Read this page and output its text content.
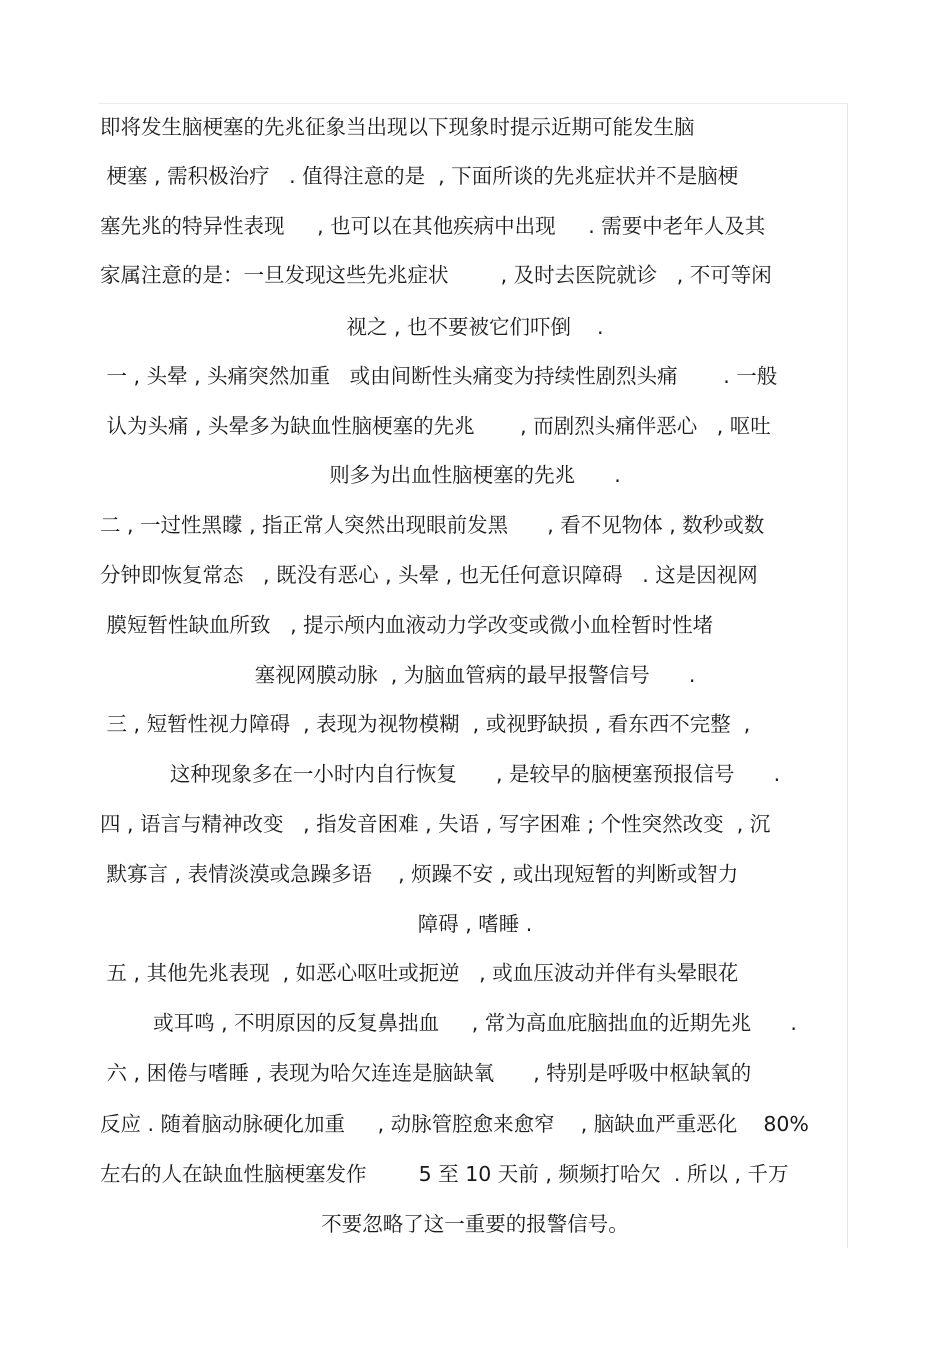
即将发生脑梗塞的先兆征象当出现以下现象时提示近期可能发生脑
梗塞 , 需积极治疗   . 值得注意的是  , 下面所谈的先兆症状并不是脑梗
塞先兆的特异性表现     , 也可以在其他疾病中出现     . 需要中老年人及其
家属注意的是：一旦发现这些先兆症状        , 及时去医院就诊   , 不可等闲
视之 , 也不要被它们吓倒    .
一 , 头晕 , 头痛突然加重   或由间断性头痛变为持续性剧烈头痛       . 一般
认为头痛 , 头晕多为缺血性脑梗塞的先兆       , 而剧烈头痛伴恶心   , 呕吐
则多为出血性脑梗塞的先兆      .
二 , 一过性黑矇 , 指正常人突然出现眼前发黑      , 看不见物体 , 数秒或数
分钟即恢复常态   , 既没有恶心 , 头晕 , 也无任何意识障碍   . 这是因视网
膜短暂性缺血所致   , 提示颅内血液动力学改变或微小血栓暂时性堵
塞视网膜动脉  , 为脑血管病的最早报警信号      .
三 , 短暂性视力障碍  , 表现为视物模糊  , 或视野缺损 , 看东西不完整  ,
这种现象多在一小时内自行恢复      , 是较早的脑梗塞预报信号      .
四 , 语言与精神改变   , 指发音困难 , 失语 , 写字困难 ; 个性突然改变  , 沉
默寡言 , 表情淡漠或急躁多语    , 烦躁不安 , 或出现短暂的判断或智力
障碍 , 嗜睡 .
五 , 其他先兆表现  , 如恶心呕吐或扼逆   , 或血压波动并伴有头晕眼花
或耳鸣 , 不明原因的反复鼻拙血     , 常为高血庇脑拙血的近期先兆      .
六 , 困倦与嗜睡 , 表现为哈欠连连是脑缺氧      , 特别是呼吸中枢缺氧的
反应 . 随着脑动脉硬化加重     , 动脉管腔愈来愈窄    , 脑缺血严重恶化    80%
左右的人在缺血性脑梗塞发作        5 至 10 天前 , 频频打哈欠  . 所以 , 千万
不要忽略了这一重要的报警信号。
